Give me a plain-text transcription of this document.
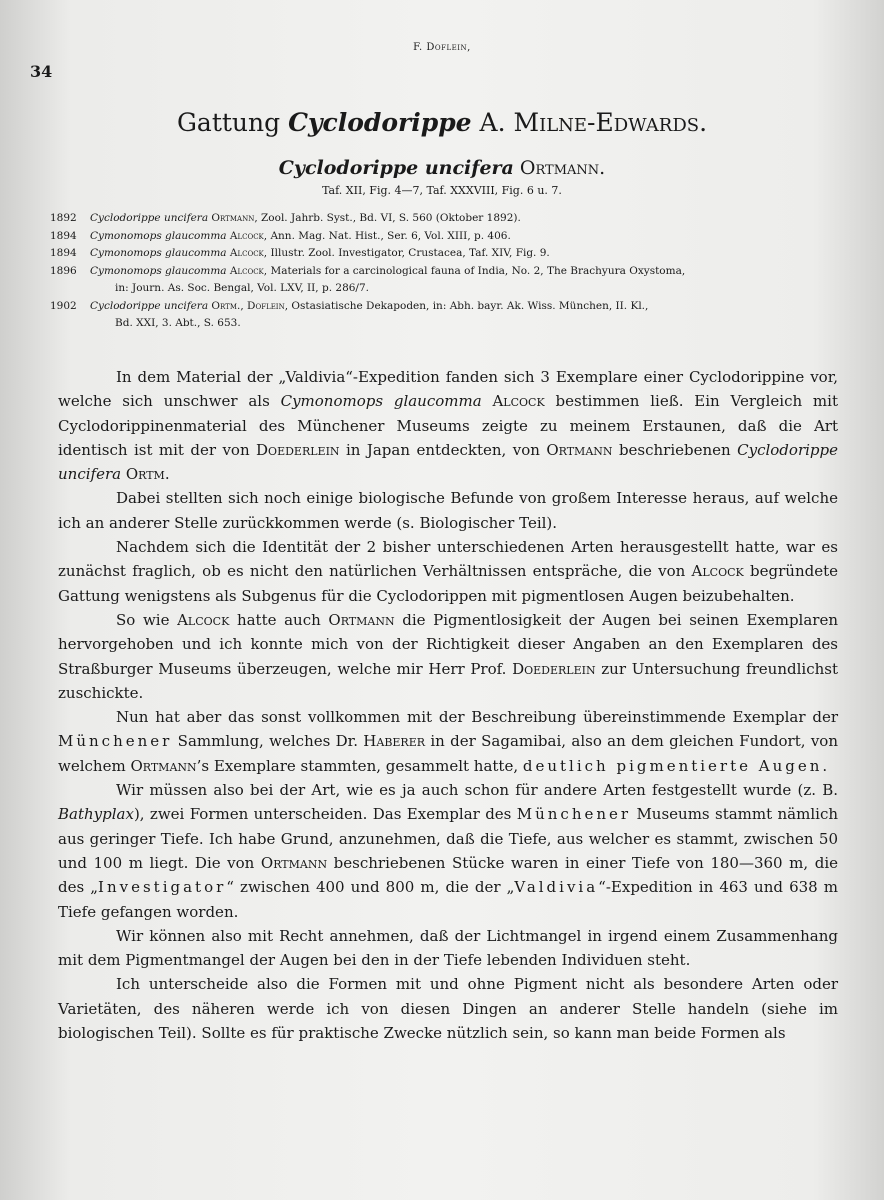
34
F. Doflein,
Gattung Cyclodorippe A. Milne-Edwards.
Cyclodorippe uncifera Ortmann.
Taf. XII, Fig. 4—7, Taf. XXXVIII, Fig. 6 u. 7.
1892	Cyclodorippe uncifera Ortmann, Zool. Jahrb. Syst., Bd. VI, S. 560 (Oktober 1892).
1894	Cymonomops glaucomma Alcock, Ann. Mag. Nat. Hist., Ser. 6, Vol. XIII, p. 406.
1894	Cymonomops glaucomma Alcock, Illustr. Zool. Investigator, Crustacea, Taf. XIV, Fig. 9.
1896	Cymonomops glaucomma Alcock, Materials for a carcinological fauna of India, No. 2, The Brachyura Oxystoma,
in: Journ. As. Soc. Bengal, Vol. LXV, II, p. 286/7.
1902	Cyclodorippe uncifera Ortm., Doflein, Ostasiatische Dekapoden, in: Abh. bayr. Ak. Wiss. München, II. Kl.,
Bd. XXI, 3. Abt., S. 653.

In dem Material der „Valdivia“-Expedition fanden sich 3 Exemplare einer Cyclodorippine vor, welche sich unschwer als Cymonomops glaucomma Alcock bestimmen ließ. Ein Vergleich mit Cyclodorippinenmaterial des Münchener Museums zeigte zu meinem Erstaunen, daß die Art identisch ist mit der von Doederlein in Japan entdeckten, von Ortmann beschriebenen Cyclodorippe uncifera Ortm.

Dabei stellten sich noch einige biologische Befunde von großem Interesse heraus, auf welche ich an anderer Stelle zurückkommen werde (s. Biologischer Teil).

Nachdem sich die Identität der 2 bisher unterschiedenen Arten herausgestellt hatte, war es zunächst fraglich, ob es nicht den natürlichen Verhältnissen entspräche, die von Alcock begründete Gattung wenigstens als Subgenus für die Cyclodorippen mit pigmentlosen Augen beizubehalten.

So wie Alcock hatte auch Ortmann die Pigmentlosigkeit der Augen bei seinen Exemplaren hervorgehoben und ich konnte mich von der Richtigkeit dieser Angaben an den Exemplaren des Straßburger Museums überzeugen, welche mir Herr Prof. Doederlein zur Untersuchung freundlichst zuschickte.

Nun hat aber das sonst vollkommen mit der Beschreibung übereinstimmende Exemplar der Münchener Sammlung, welches Dr. Haberer in der Sagamibai, also an dem gleichen Fundort, von welchem Ortmann’s Exemplare stammten, gesammelt hatte, deutlich pigmentierte Augen.

Wir müssen also bei der Art, wie es ja auch schon für andere Arten festgestellt wurde (z. B. Bathyplax), zwei Formen unterscheiden. Das Exemplar des Münchener Museums stammt nämlich aus geringer Tiefe. Ich habe Grund, anzunehmen, daß die Tiefe, aus welcher es stammt, zwischen 50 und 100 m liegt. Die von Ortmann beschriebenen Stücke waren in einer Tiefe von 180—360 m, die des „Investigator“ zwischen 400 und 800 m, die der „Valdivia“-Expedition in 463 und 638 m Tiefe gefangen worden.

Wir können also mit Recht annehmen, daß der Lichtmangel in irgend einem Zusammenhang mit dem Pigmentmangel der Augen bei den in der Tiefe lebenden Individuen steht.

Ich unterscheide also die Formen mit und ohne Pigment nicht als besondere Arten oder Varietäten, des näheren werde ich von diesen Dingen an anderer Stelle handeln (siehe im biologischen Teil). Sollte es für praktische Zwecke nützlich sein, so kann man beide Formen als
